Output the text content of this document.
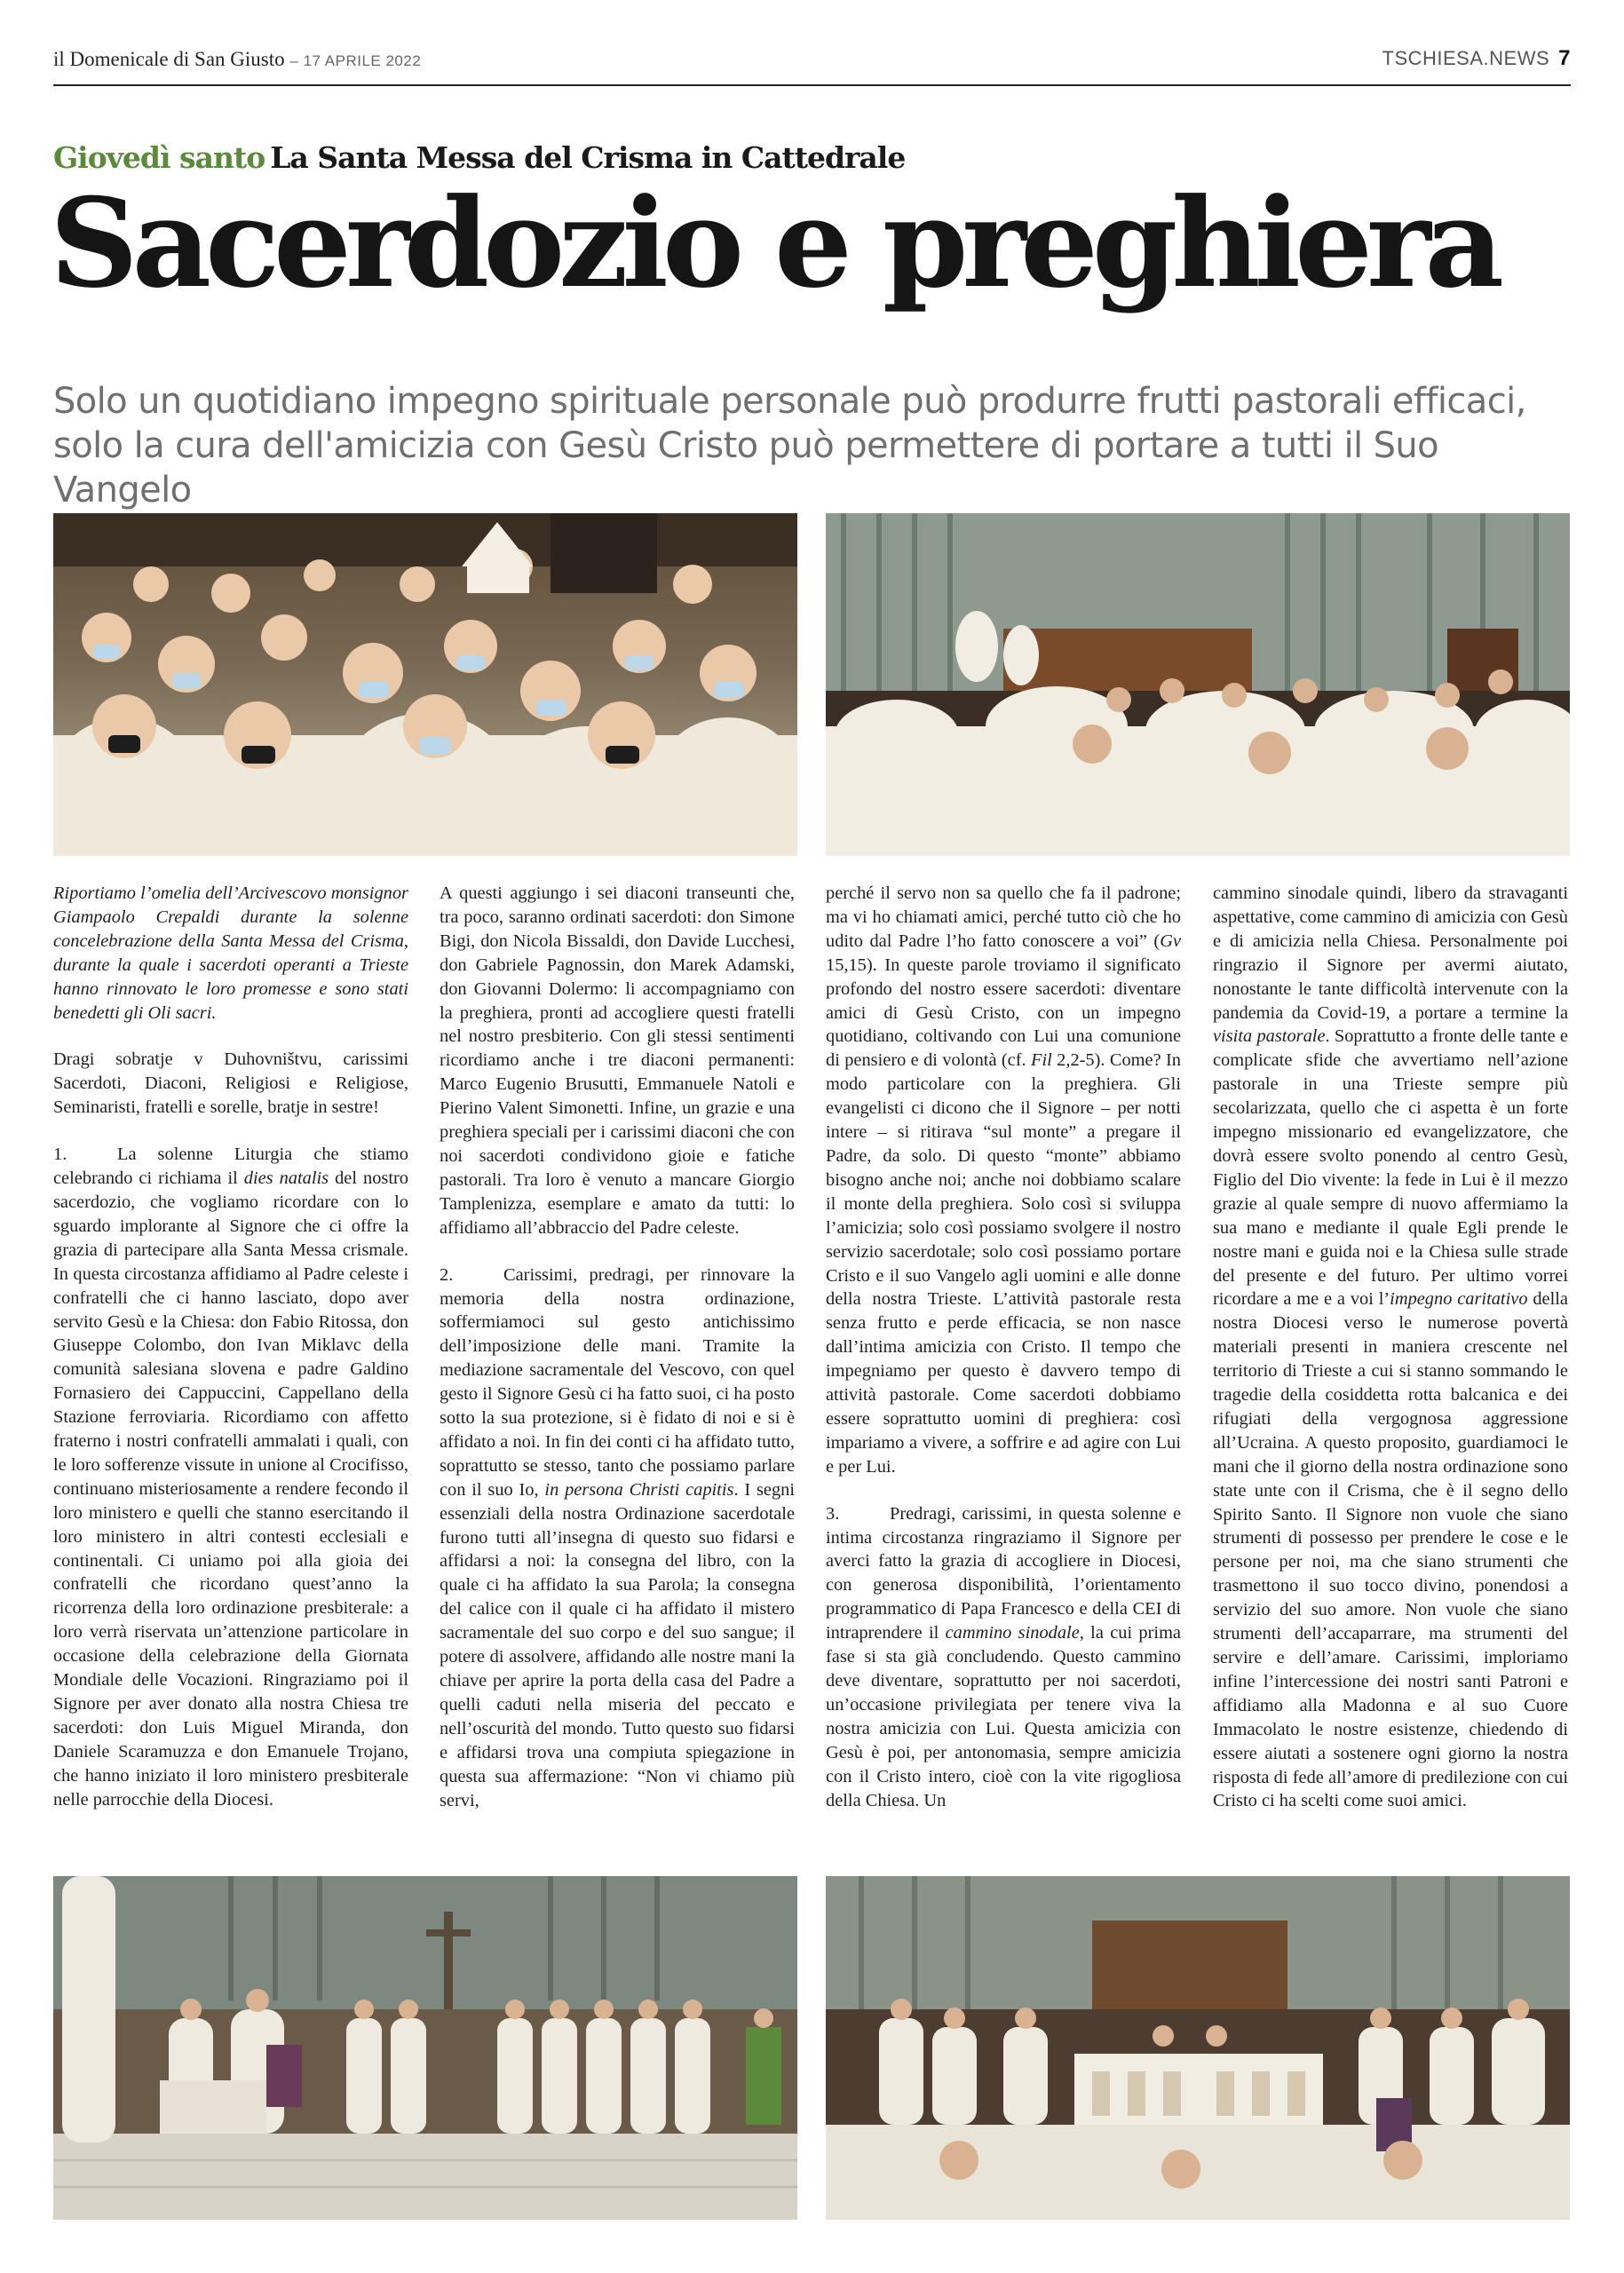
il Domenicale di San Giusto – 17 APRILE 2022	TSCHIESA.NEWS 7
Giovedì santo La Santa Messa del Crisma in Cattedrale
Sacerdozio e preghiera
Solo un quotidiano impegno spirituale personale può produrre frutti pastorali efficaci,
solo la cura dell'amicizia con Gesù Cristo può permettere di portare a tutti il Suo Vangelo

Riportiamo l’omelia dell’Arcivescovo monsignor Giampaolo Crepaldi durante la solenne concelebrazione della Santa Messa del Crisma, durante la quale i sacerdoti operanti a Trieste hanno rinnovato le loro promesse e sono stati benedetti gli Oli sacri.

Dragi sobratje v Duhovništvu, carissimi Sacerdoti, Diaconi, Religiosi e Religiose, Seminaristi, fratelli e sorelle, bratje in sestre!

1.	La solenne Liturgia che stiamo celebrando ci richiama il dies natalis del nostro sacerdozio, che vogliamo ricordare con lo sguardo implorante al Signore che ci offre la grazia di partecipare alla Santa Messa crismale. In questa circostanza affidiamo al Padre celeste i confratelli che ci hanno lasciato, dopo aver servito Gesù e la Chiesa: don Fabio Ritossa, don Giuseppe Colombo, don Ivan Miklavc della comunità salesiana slovena e padre Galdino Fornasiero dei Cappuccini, Cappellano della Stazione ferroviaria. Ricordiamo con affetto fraterno i nostri confratelli ammalati i quali, con le loro sofferenze vissute in unione al Crocifisso, continuano misteriosamente a rendere fecondo il loro ministero e quelli che stanno esercitando il loro ministero in altri contesti ecclesiali e continentali. Ci uniamo poi alla gioia dei confratelli che ricordano quest’anno la ricorrenza della loro ordinazione presbiterale: a loro verrà riservata un’attenzione particolare in occasione della celebrazione della Giornata Mondiale delle Vocazioni. Ringraziamo poi il Signore per aver donato alla nostra Chiesa tre sacerdoti: don Luis Miguel Miranda, don Daniele Scaramuzza e don Emanuele Trojano, che hanno iniziato il loro ministero presbiterale nelle parrocchie della Diocesi.

A questi aggiungo i sei diaconi transeunti che, tra poco, saranno ordinati sacerdoti: don Simone Bigi, don Nicola Bissaldi, don Davide Lucchesi, don Gabriele Pagnossin, don Marek Adamski, don Giovanni Dolermo: li accompagniamo con la preghiera, pronti ad accogliere questi fratelli nel nostro presbiterio. Con gli stessi sentimenti ricordiamo anche i tre diaconi permanenti: Marco Eugenio Brusutti, Emmanuele Natoli e Pierino Valent Simonetti. Infine, un grazie e una preghiera speciali per i carissimi diaconi che con noi sacerdoti condividono gioie e fatiche pastorali. Tra loro è venuto a mancare Giorgio Tamplenizza, esemplare e amato da tutti: lo affidiamo all’abbraccio del Padre celeste.

2.	Carissimi, predragi, per rinnovare la memoria della nostra ordinazione, soffermiamoci sul gesto antichissimo dell’imposizione delle mani. Tramite la mediazione sacramentale del Vescovo, con quel gesto il Signore Gesù ci ha fatto suoi, ci ha posto sotto la sua protezione, si è fidato di noi e si è affidato a noi. In fin dei conti ci ha affidato tutto, soprattutto se stesso, tanto che possiamo parlare con il suo Io, in persona Christi capitis. I segni essenziali della nostra Ordinazione sacerdotale furono tutti all’insegna di questo suo fidarsi e affidarsi a noi: la consegna del libro, con la quale ci ha affidato la sua Parola; la consegna del calice con il quale ci ha affidato il mistero sacramentale del suo corpo e del suo sangue; il potere di assolvere, affidando alle nostre mani la chiave per aprire la porta della casa del Padre a quelli caduti nella miseria del peccato e nell’oscurità del mondo. Tutto questo suo fidarsi e affidarsi trova una compiuta spiegazione in questa sua affermazione: “Non vi chiamo più servi,

perché il servo non sa quello che fa il padrone; ma vi ho chiamati amici, perché tutto ciò che ho udito dal Padre l’ho fatto conoscere a voi” (Gv 15,15). In queste parole troviamo il significato profondo del nostro essere sacerdoti: diventare amici di Gesù Cristo, con un impegno quotidiano, coltivando con Lui una comunione di pensiero e di volontà (cf. Fil 2,2-5). Come? In modo particolare con la preghiera. Gli evangelisti ci dicono che il Signore – per notti intere – si ritirava “sul monte” a pregare il Padre, da solo. Di questo “monte” abbiamo bisogno anche noi; anche noi dobbiamo scalare il monte della preghiera. Solo così si sviluppa l’amicizia; solo così possiamo svolgere il nostro servizio sacerdotale; solo così possiamo portare Cristo e il suo Vangelo agli uomini e alle donne della nostra Trieste. L’attività pastorale resta senza frutto e perde efficacia, se non nasce dall’intima amicizia con Cristo. Il tempo che impegniamo per questo è davvero tempo di attività pastorale. Come sacerdoti dobbiamo essere soprattutto uomini di preghiera: così impariamo a vivere, a soffrire e ad agire con Lui e per Lui.

3.	Predragi, carissimi, in questa solenne e intima circostanza ringraziamo il Signore per averci fatto la grazia di accogliere in Diocesi, con generosa disponibilità, l’orientamento programmatico di Papa Francesco e della CEI di intraprendere il cammino sinodale, la cui prima fase si sta già concludendo. Questo cammino deve diventare, soprattutto per noi sacerdoti, un’occasione privilegiata per tenere viva la nostra amicizia con Lui. Questa amicizia con Gesù è poi, per antonomasia, sempre amicizia con il Cristo intero, cioè con la vite rigogliosa della Chiesa. Un

cammino sinodale quindi, libero da stravaganti aspettative, come cammino di amicizia con Gesù e di amicizia nella Chiesa. Personalmente poi ringrazio il Signore per avermi aiutato, nonostante le tante difficoltà intervenute con la pandemia da Covid-19, a portare a termine la visita pastorale. Soprattutto a fronte delle tante e complicate sfide che avvertiamo nell’azione pastorale in una Trieste sempre più secolarizzata, quello che ci aspetta è un forte impegno missionario ed evangelizzatore, che dovrà essere svolto ponendo al centro Gesù, Figlio del Dio vivente: la fede in Lui è il mezzo grazie al quale sempre di nuovo affermiamo la sua mano e mediante il quale Egli prende le nostre mani e guida noi e la Chiesa sulle strade del presente e del futuro. Per ultimo vorrei ricordare a me e a voi l’impegno caritativo della nostra Diocesi verso le numerose povertà materiali presenti in maniera crescente nel territorio di Trieste a cui si stanno sommando le tragedie della cosiddetta rotta balcanica e dei rifugiati della vergognosa aggressione all’Ucraina. A questo proposito, guardiamoci le mani che il giorno della nostra ordinazione sono state unte con il Crisma, che è il segno dello Spirito Santo. Il Signore non vuole che siano strumenti di possesso per prendere le cose e le persone per noi, ma che siano strumenti che trasmettono il suo tocco divino, ponendosi a servizio del suo amore. Non vuole che siano strumenti dell’accaparrare, ma strumenti del servire e dell’amare. Carissimi, imploriamo infine l’intercessione dei nostri santi Patroni e affidiamo alla Madonna e al suo Cuore Immacolato le nostre esistenze, chiedendo di essere aiutati a sostenere ogni giorno la nostra risposta di fede all’amore di predilezione con cui Cristo ci ha scelti come suoi amici.
